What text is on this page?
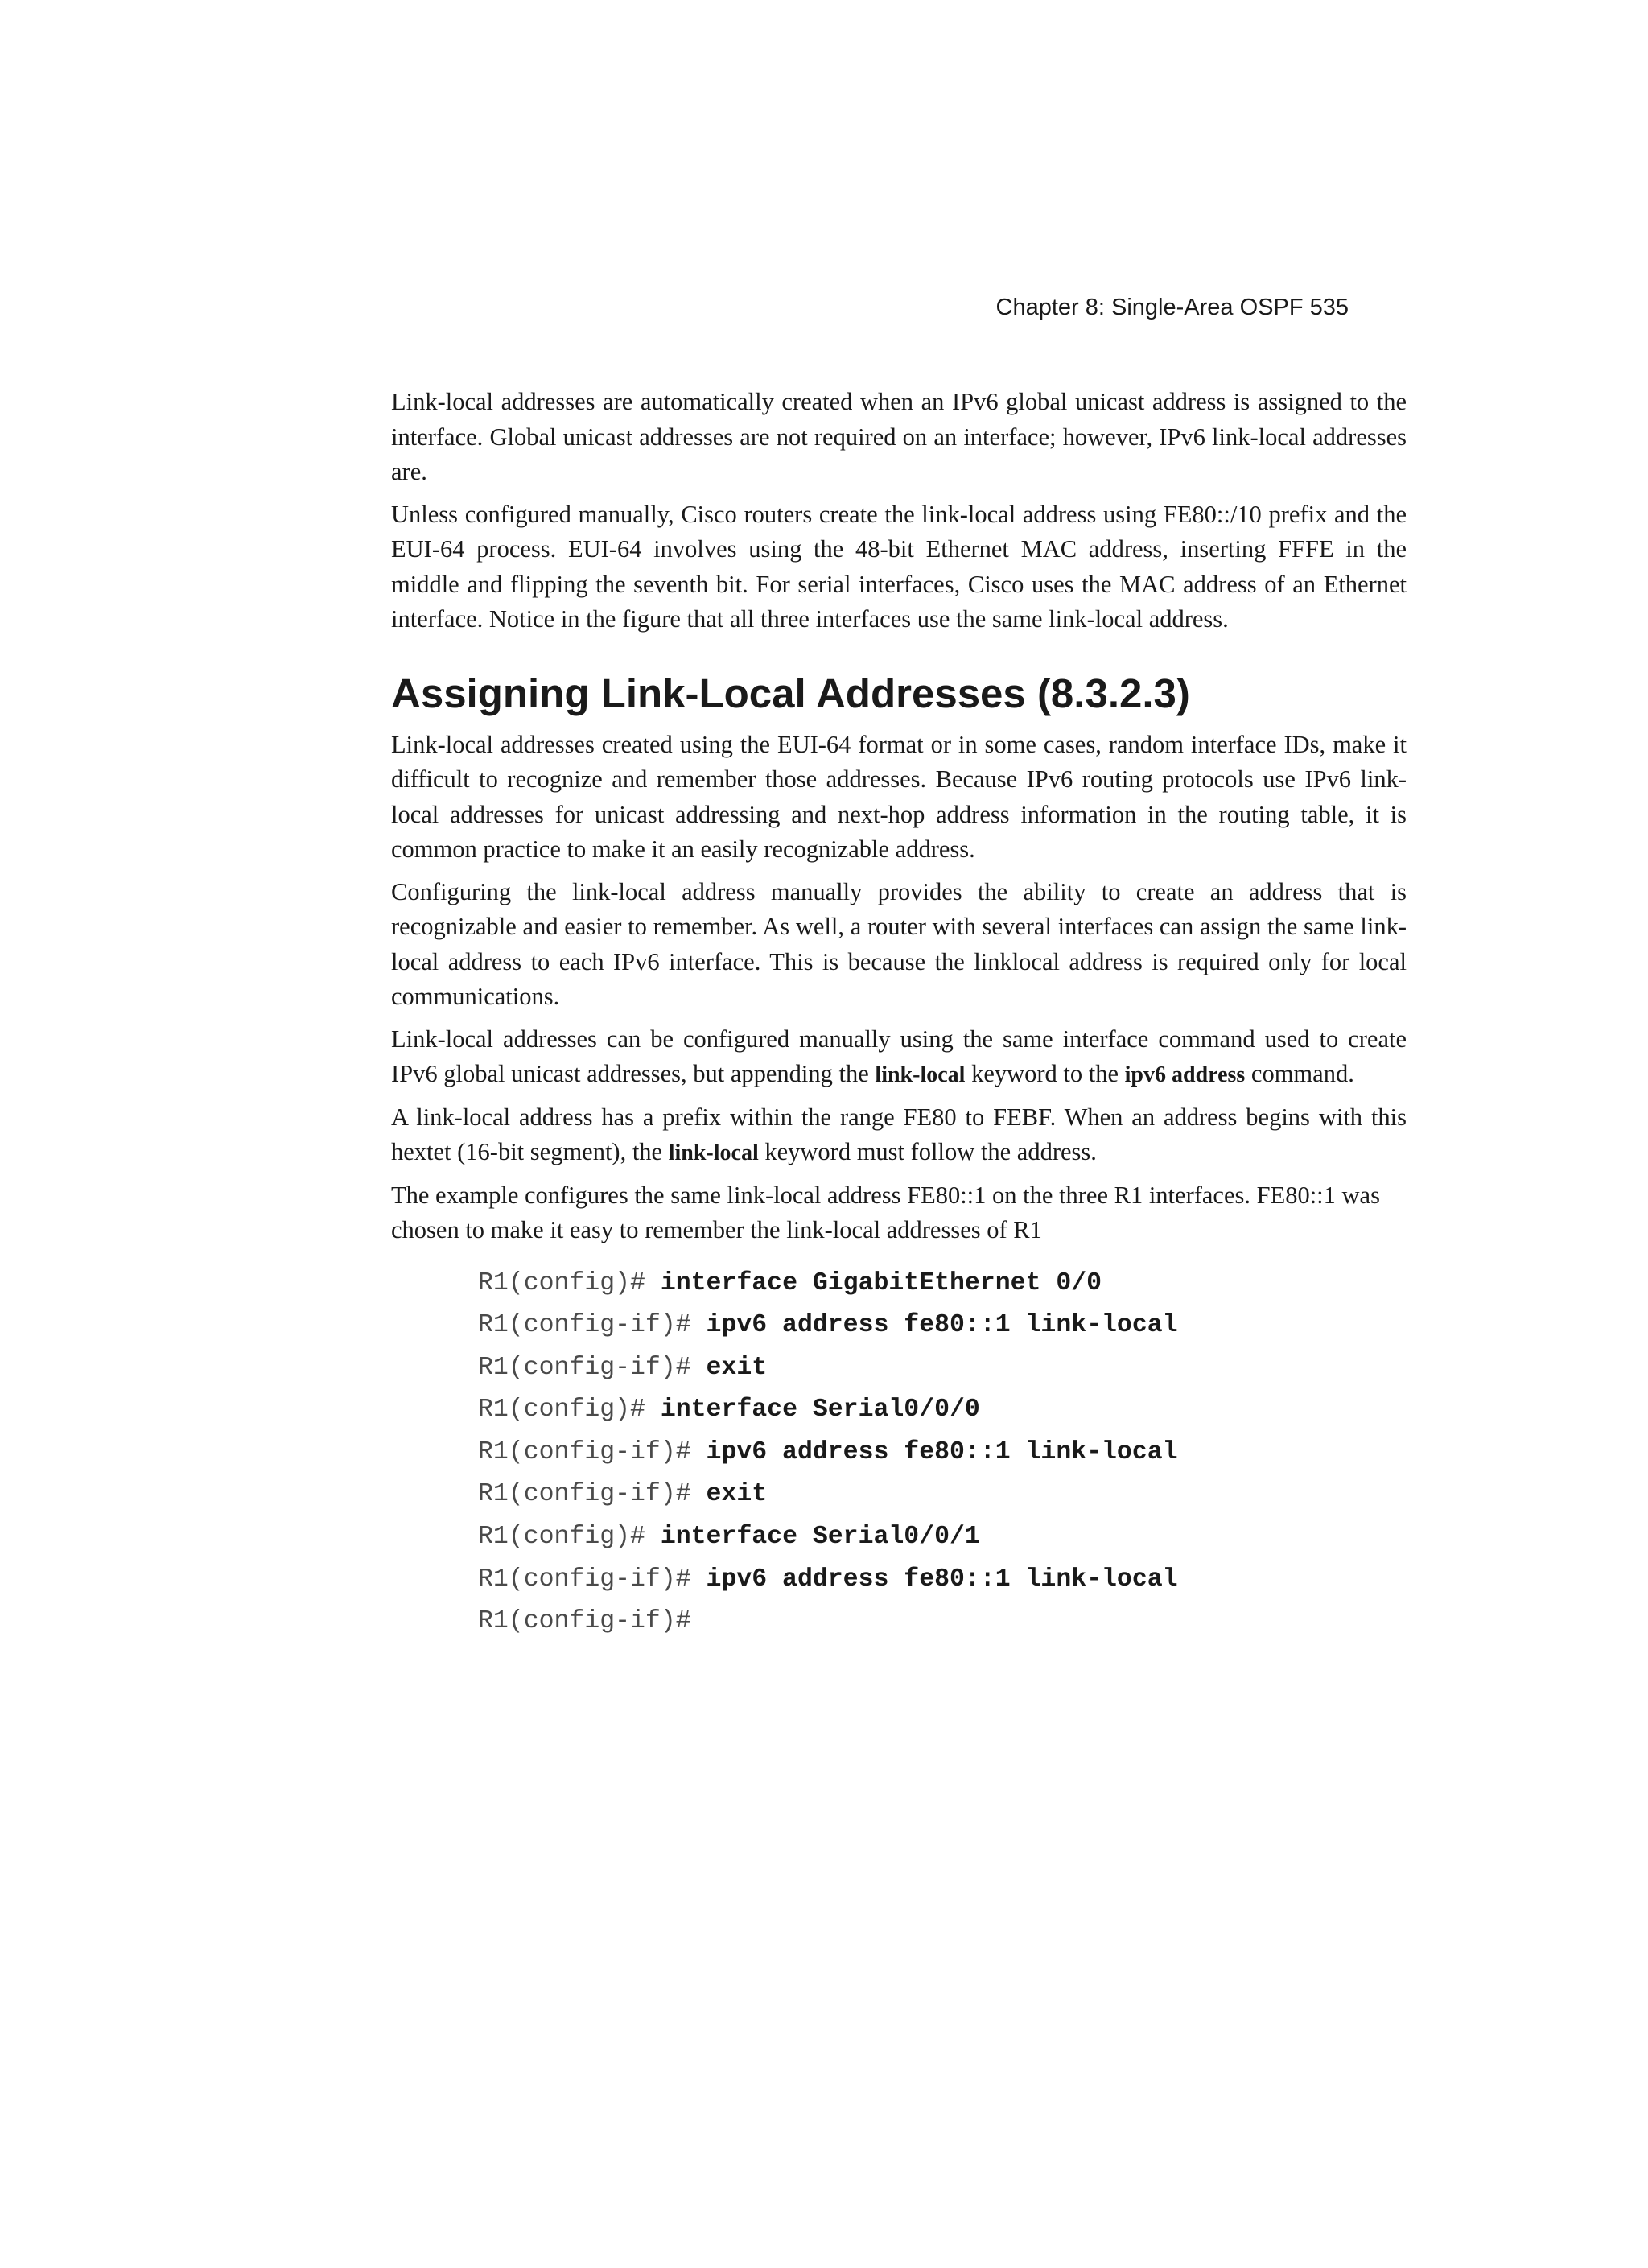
Chapter 8: Single-Area OSPF 535

Link-local addresses are automatically created when an IPv6 global unicast address is assigned to the interface. Global unicast addresses are not required on an interface; however, IPv6 link-local addresses are.

Unless configured manually, Cisco routers create the link-local address using FE80::/10 prefix and the EUI-64 process. EUI-64 involves using the 48-bit Ethernet MAC address, inserting FFFE in the middle and flipping the seventh bit. For serial interfaces, Cisco uses the MAC address of an Ethernet interface. Notice in the figure that all three interfaces use the same link-local address.

Assigning Link-Local Addresses (8.3.2.3)

Link-local addresses created using the EUI-64 format or in some cases, random interface IDs, make it difficult to recognize and remember those addresses. Because IPv6 routing protocols use IPv6 link-local addresses for unicast addressing and next-hop address information in the routing table, it is common practice to make it an easily recognizable address.

Configuring the link-local address manually provides the ability to create an address that is recognizable and easier to remember. As well, a router with several interfaces can assign the same link-local address to each IPv6 interface. This is because the linklocal address is required only for local communications.

Link-local addresses can be configured manually using the same interface command used to create IPv6 global unicast addresses, but appending the link-local keyword to the ipv6 address command.

A link-local address has a prefix within the range FE80 to FEBF. When an address begins with this hextet (16-bit segment), the link-local keyword must follow the address.

The example configures the same link-local address FE80::1 on the three R1 interfaces. FE80::1 was chosen to make it easy to remember the link-local addresses of R1

R1(config)# interface GigabitEthernet 0/0
R1(config-if)# ipv6 address fe80::1 link-local
R1(config-if)# exit
R1(config)# interface Serial0/0/0
R1(config-if)# ipv6 address fe80::1 link-local
R1(config-if)# exit
R1(config)# interface Serial0/0/1
R1(config-if)# ipv6 address fe80::1 link-local
R1(config-if)#
